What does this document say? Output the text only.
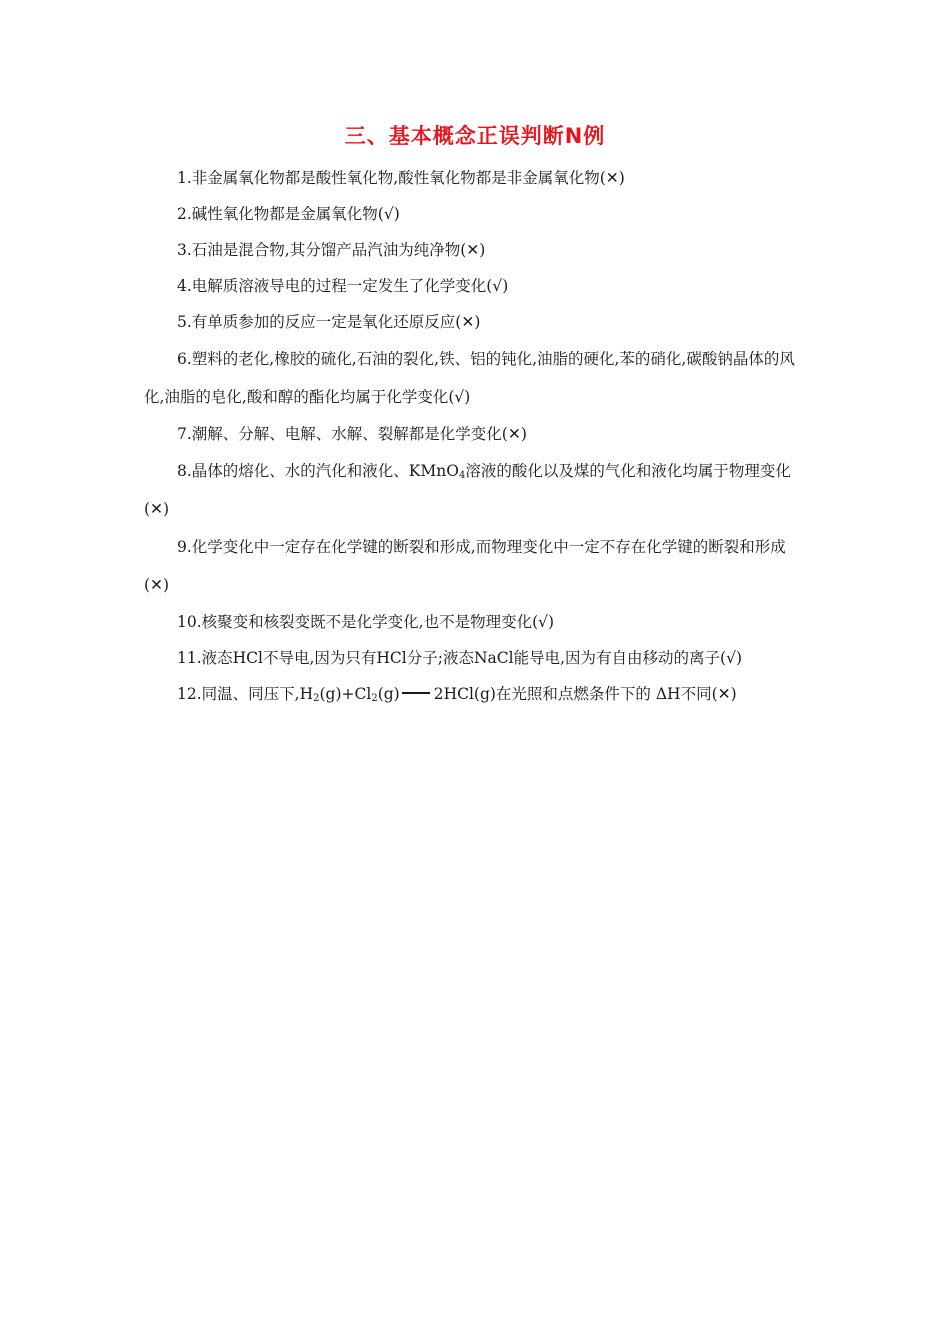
三、基本概念正误判断N例

1.非金属氧化物都是酸性氧化物,酸性氧化物都是非金属氧化物(✕)

2.碱性氧化物都是金属氧化物(√)

3.石油是混合物,其分馏产品汽油为纯净物(✕)

4.电解质溶液导电的过程一定发生了化学变化(√)

5.有单质参加的反应一定是氧化还原反应(✕)

6.塑料的老化,橡胶的硫化,石油的裂化,铁、铝的钝化,油脂的硬化,苯的硝化,碳酸钠晶体的风化,油脂的皂化,酸和醇的酯化均属于化学变化(√)

7.潮解、分解、电解、水解、裂解都是化学变化(✕)

8.晶体的熔化、水的汽化和液化、KMnO$_4$溶液的酸化以及煤的气化和液化均属于物理变化(✕)

9.化学变化中一定存在化学键的断裂和形成,而物理变化中一定不存在化学键的断裂和形成(✕)

10.核聚变和核裂变既不是化学变化,也不是物理变化(√)

11.液态HCl不导电,因为只有HCl分子;液态NaCl能导电,因为有自由移动的离子(√)

12.同温、同压下$,H_2(g)+Cl_2(g)$ 2HCl(g)在光照和点燃条件下的 ΔH不同(✕)
